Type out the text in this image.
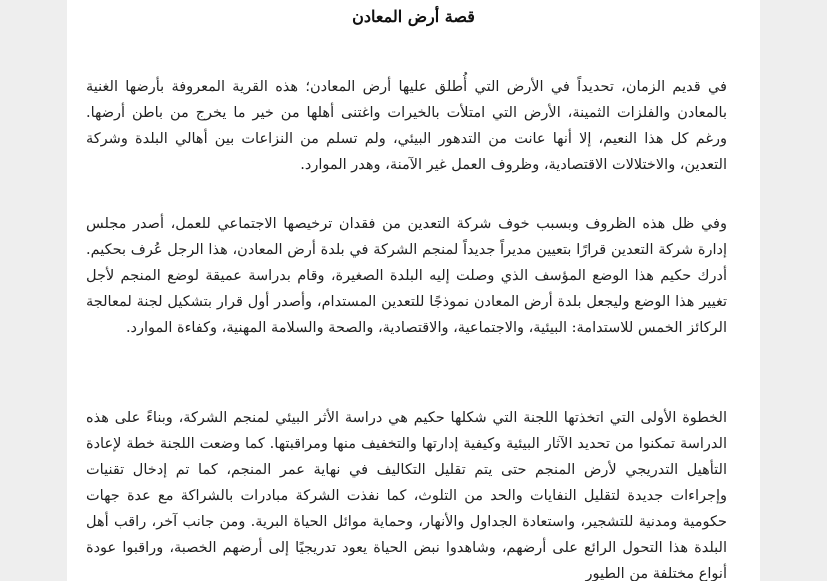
قصة أرض المعادن

في قديم الزمان، تحديداً في الأرض التي أُطلق عليها أرض المعادن؛ هذه القرية المعروفة بأرضها الغنية بالمعادن والفلزات الثمينة، الأرض التي امتلأت بالخيرات واغتنى أهلها من خير ما يخرج من باطن أرضها. ورغم كل هذا النعيم، إلا أنها عانت من التدهور البيئي، ولم تسلم من النزاعات بين أهالي البلدة وشركة التعدين، والاختلالات الاقتصادية، وظروف العمل غير الآمنة، وهدر الموارد.

وفي ظل هذه الظروف وبسبب خوف شركة التعدين من فقدان ترخيصها الاجتماعي للعمل، أصدر مجلس إدارة شركة التعدين قرارًا بتعيين مديراً جديداً لمنجم الشركة في بلدة أرض المعادن، هذا الرجل عُرف بحكيم. أدرك حكيم هذا الوضع المؤسف الذي وصلت إليه البلدة الصغيرة، وقام بدراسة عميقة لوضع المنجم لأجل تغيير هذا الوضع وليجعل بلدة أرض المعادن نموذجًا للتعدين المستدام، وأصدر أول قرار بتشكيل لجنة لمعالجة الركائز الخمس للاستدامة: البيئية، والاجتماعية، والاقتصادية، والصحة والسلامة المهنية، وكفاءة الموارد.

الخطوة الأولى التي اتخذتها اللجنة التي شكلها حكيم هي دراسة الأثر البيئي لمنجم الشركة، وبناءً على هذه الدراسة تمكنوا من تحديد الآثار البيئية وكيفية إدارتها والتخفيف منها ومراقبتها. كما وضعت اللجنة خطة لإعادة التأهيل التدريجي لأرض المنجم حتى يتم تقليل التكاليف في نهاية عمر المنجم، كما تم إدخال تقنيات وإجراءات جديدة لتقليل النفايات والحد من التلوث، كما نفذت الشركة مبادرات بالشراكة مع عدة جهات حكومية ومدنية للتشجير، واستعادة الجداول والأنهار، وحماية موائل الحياة البرية. ومن جانب آخر، راقب أهل البلدة هذا التحول الرائع على أرضهم، وشاهدوا نبض الحياة يعود تدريجيًا إلى أرضهم الخصبة، وراقبوا عودة أنواع مختلفة من الطيور
